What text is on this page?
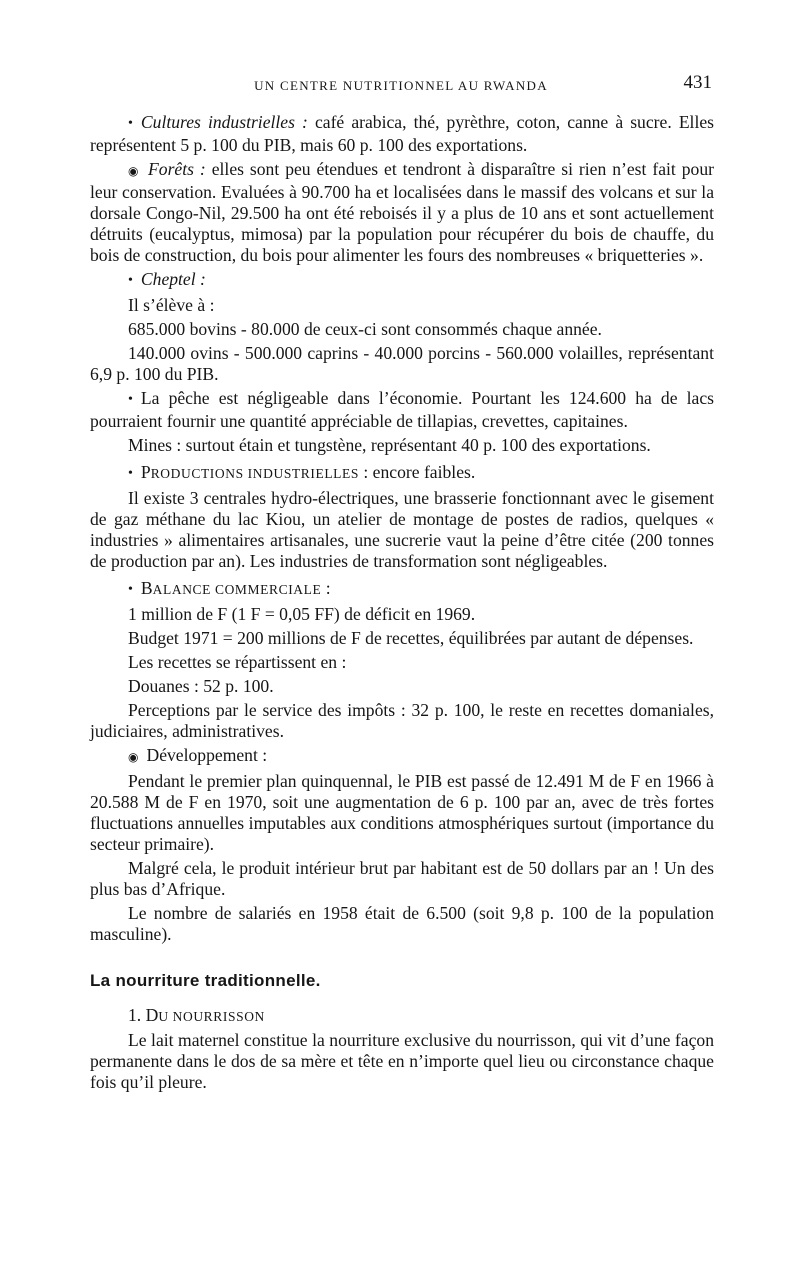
UN CENTRE NUTRITIONNEL AU RWANDA	431

• Cultures industrielles : café arabica, thé, pyrèthre, coton, canne à sucre. Elles représentent 5 p. 100 du PIB, mais 60 p. 100 des exportations.

◉ Forêts : elles sont peu étendues et tendront à disparaître si rien n’est fait pour leur conservation. Evaluées à 90.700 ha et localisées dans le massif des volcans et sur la dorsale Congo-Nil, 29.500 ha ont été reboisés il y a plus de 10 ans et sont actuellement détruits (eucalyptus, mimosa) par la population pour récupérer du bois de chauffe, du bois de construction, du bois pour alimenter les fours des nombreuses « briquetteries ».

• Cheptel :

Il s’élève à :

685.000 bovins - 80.000 de ceux-ci sont consommés chaque année.

140.000 ovins - 500.000 caprins - 40.000 porcins - 560.000 volailles, représentant 6,9 p. 100 du PIB.

• La pêche est négligeable dans l’économie. Pourtant les 124.600 ha de lacs pourraient fournir une quantité appréciable de tillapias, crevettes, capitaines.

Mines : surtout étain et tungstène, représentant 40 p. 100 des exportations.

• PRODUCTIONS INDUSTRIELLES : encore faibles.

Il existe 3 centrales hydro-électriques, une brasserie fonctionnant avec le gisement de gaz méthane du lac Kiou, un atelier de montage de postes de radios, quelques « industries » alimentaires artisanales, une sucrerie vaut la peine d’être citée (200 tonnes de production par an). Les industries de transformation sont négligeables.

• BALANCE COMMERCIALE :

1 million de F (1 F = 0,05 FF) de déficit en 1969.

Budget 1971 = 200 millions de F de recettes, équilibrées par autant de dépenses.

Les recettes se répartissent en :

Douanes : 52 p. 100.

Perceptions par le service des impôts : 32 p. 100, le reste en recettes domaniales, judiciaires, administratives.

◉ Développement :

Pendant le premier plan quinquennal, le PIB est passé de 12.491 M de F en 1966 à 20.588 M de F en 1970, soit une augmentation de 6 p. 100 par an, avec de très fortes fluctuations annuelles imputables aux conditions atmosphériques surtout (importance du secteur primaire).

Malgré cela, le produit intérieur brut par habitant est de 50 dollars par an ! Un des plus bas d’Afrique.

Le nombre de salariés en 1958 était de 6.500 (soit 9,8 p. 100 de la population masculine).

La nourriture traditionnelle.

1. DU NOURRISSON

Le lait maternel constitue la nourriture exclusive du nourrisson, qui vit d’une façon permanente dans le dos de sa mère et tête en n’importe quel lieu ou circonstance chaque fois qu’il pleure.
